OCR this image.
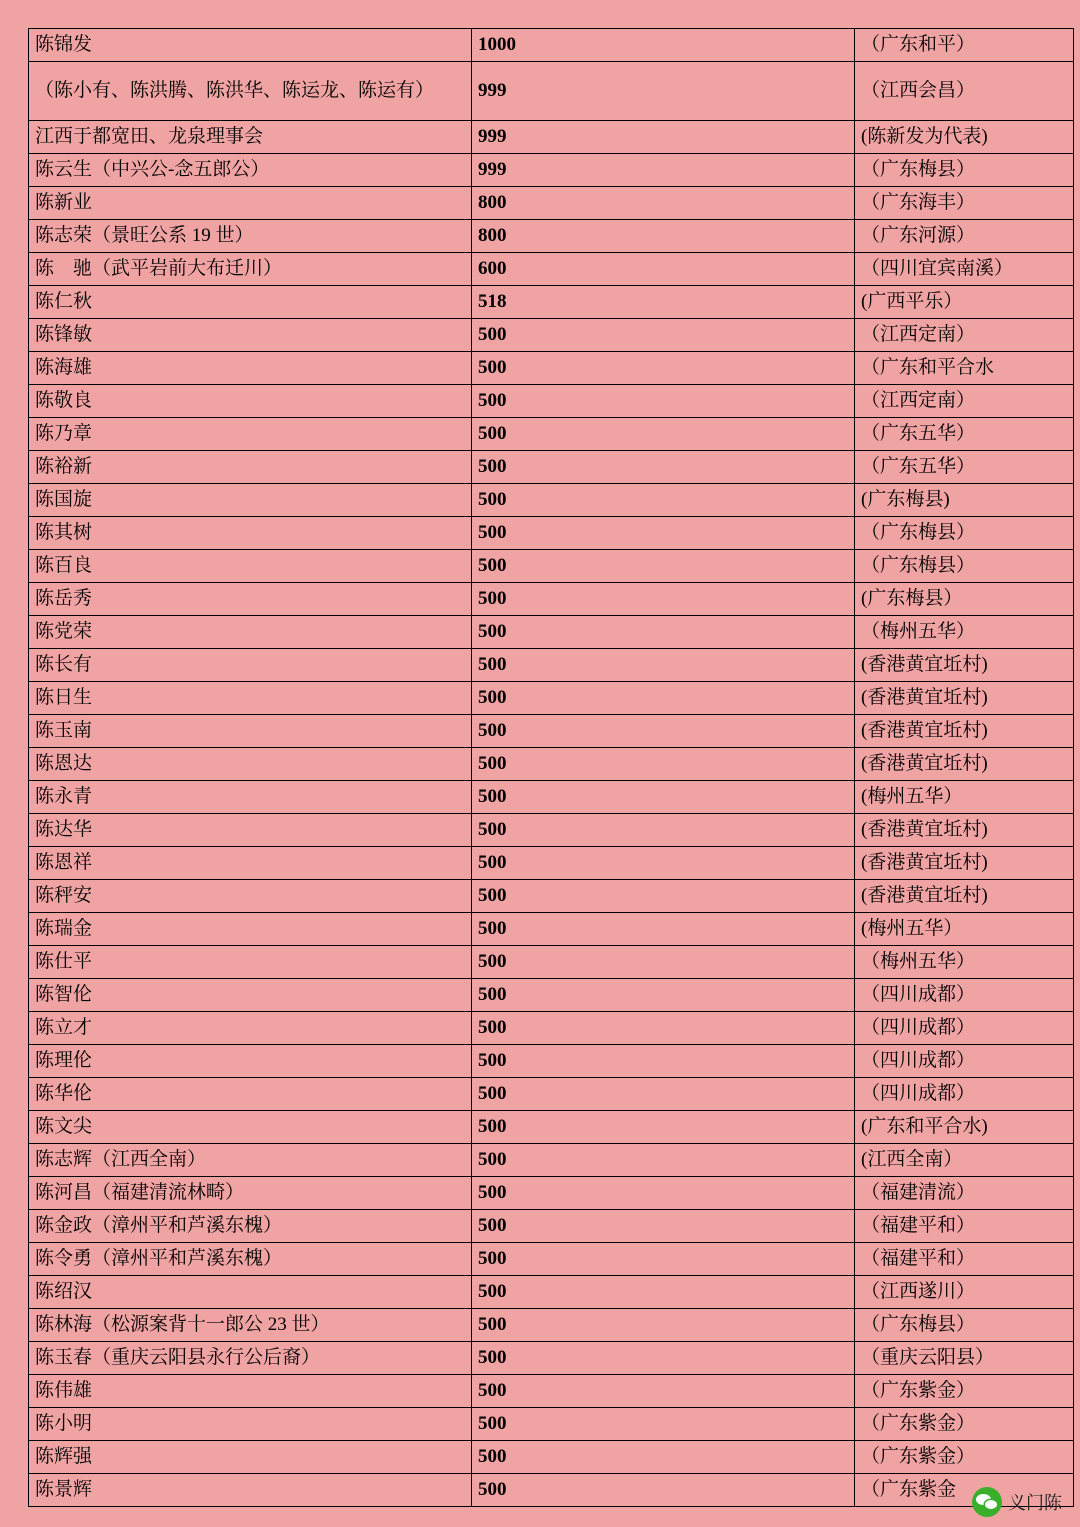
陈锦发	1000	（广东和平）
（陈小有、陈洪腾、陈洪华、陈运龙、陈运有）	999	（江西会昌）
江西于都宽田、龙泉理事会	999	(陈新发为代表)
陈云生（中兴公-念五郎公）	999	（广东梅县）
陈新业	800	（广东海丰）
陈志荣（景旺公系 19 世）	800	（广东河源）
陈　驰（武平岩前大布迁川）	600	（四川宜宾南溪）
陈仁秋	518	(广西平乐）
陈锋敏	500	（江西定南）
陈海雄	500	（广东和平合水
陈敬良	500	（江西定南）
陈乃章	500	（广东五华）
陈裕新	500	（广东五华）
陈国旋	500	(广东梅县)
陈其树	500	（广东梅县）
陈百良	500	（广东梅县）
陈岳秀	500	(广东梅县）
陈党荣	500	（梅州五华）
陈长有	500	(香港黄宜坵村)
陈日生	500	(香港黄宜坵村)
陈玉南	500	(香港黄宜坵村)
陈恩达	500	(香港黄宜坵村)
陈永青	500	(梅州五华）
陈达华	500	(香港黄宜坵村)
陈恩祥	500	(香港黄宜坵村)
陈秤安	500	(香港黄宜坵村)
陈瑞金	500	(梅州五华）
陈仕平	500	（梅州五华）
陈智伦	500	（四川成都）
陈立才	500	（四川成都）
陈理伦	500	（四川成都）
陈华伦	500	（四川成都）
陈文尖	500	(广东和平合水)
陈志辉（江西全南）	500	(江西全南）
陈河昌（福建清流林畸）	500	（福建清流）
陈金政（漳州平和芦溪东槐）	500	（福建平和）
陈令勇（漳州平和芦溪东槐）	500	（福建平和）
陈绍汉	500	（江西遂川）
陈林海（松源案背十一郎公 23 世）	500	（广东梅县）
陈玉春（重庆云阳县永行公后裔）	500	（重庆云阳县）
陈伟雄	500	（广东紫金）
陈小明	500	（广东紫金）
陈辉强	500	（广东紫金）
陈景辉	500	（广东紫金
义门陈
